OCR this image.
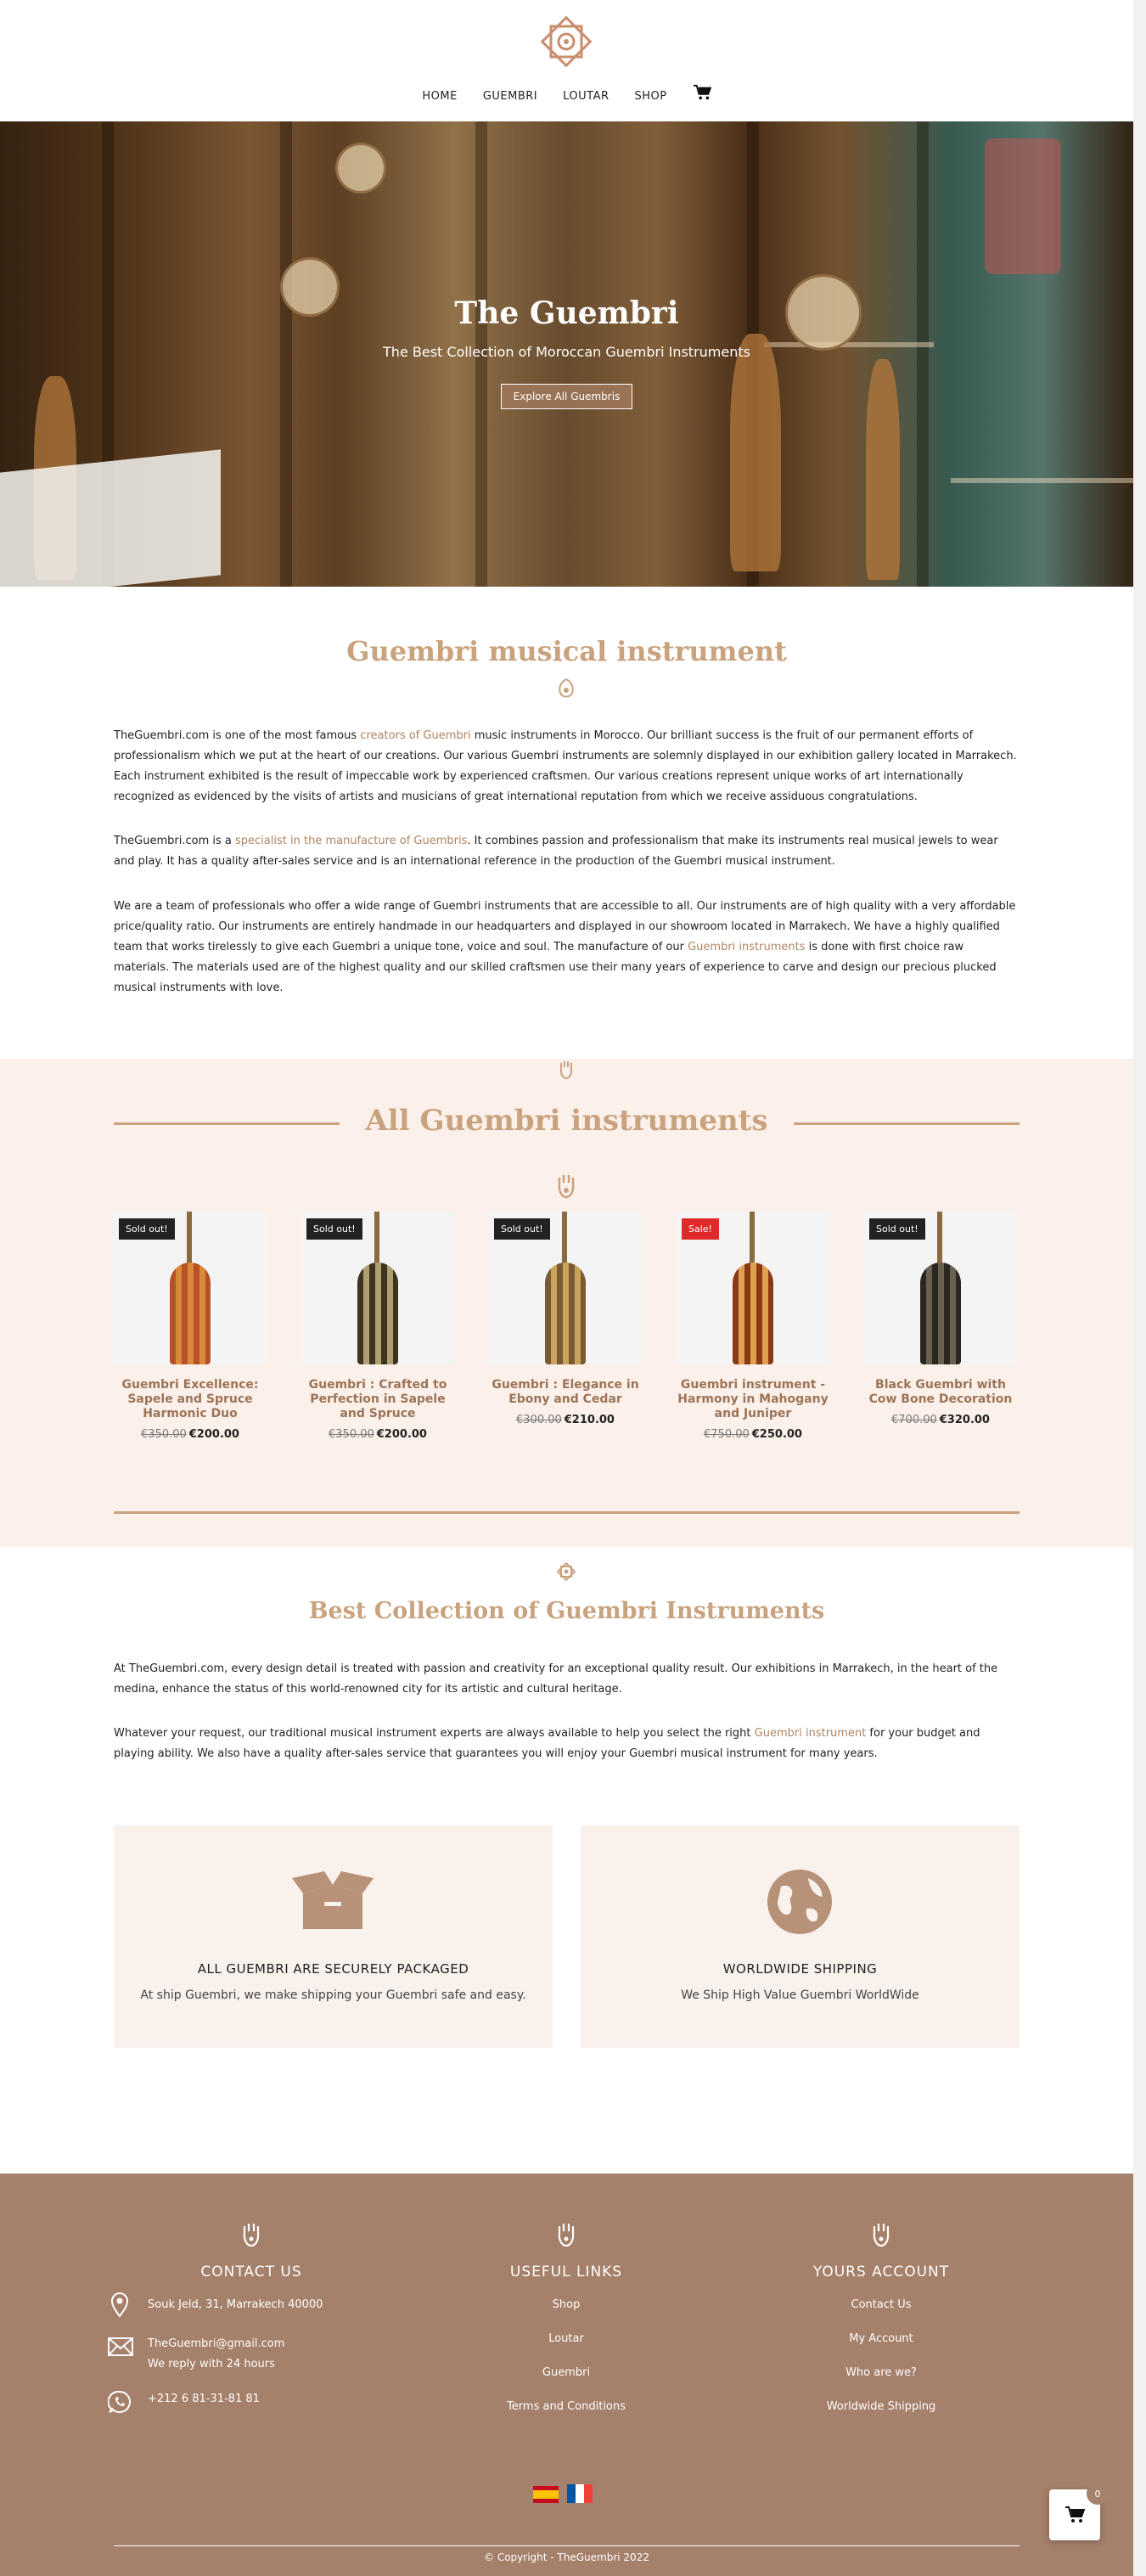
HOME GUEMBRI LOUTAR SHOP
The Guembri

The Best Collection of Moroccan Guembri Instruments

Explore All Guembris
Guembri musical instrument

TheGuembri.com is one of the most famous creators of Guembri music instruments in Morocco. Our brilliant success is the fruit of our permanent efforts of professionalism which we put at the heart of our creations. Our various Guembri instruments are solemnly displayed in our exhibition gallery located in Marrakech. Each instrument exhibited is the result of impeccable work by experienced craftsmen. Our various creations represent unique works of art internationally recognized as evidenced by the visits of artists and musicians of great international reputation from which we receive assiduous congratulations.

TheGuembri.com is a specialist in the manufacture of Guembris. It combines passion and professionalism that make its instruments real musical jewels to wear and play. It has a quality after-sales service and is an international reference in the production of the Guembri musical instrument.

We are a team of professionals who offer a wide range of Guembri instruments that are accessible to all. Our instruments are of high quality with a very affordable price/quality ratio. Our instruments are entirely handmade in our headquarters and displayed in our showroom located in Marrakech. We have a highly qualified team that works tirelessly to give each Guembri a unique tone, voice and soul. The manufacture of our Guembri instruments is done with first choice raw materials. The materials used are of the highest quality and our skilled craftsmen use their many years of experience to carve and design our precious plucked musical instruments with love.

All Guembri instruments
Sold out!
Guembri Excellence: Sapele and Spruce Harmonic Duo
€350.00 €200.00
Sold out!
Guembri : Crafted to Perfection in Sapele and Spruce
€350.00 €200.00
Sold out!
Guembri : Elegance in Ebony and Cedar
€300.00 €210.00
Sale!
Guembri instrument - Harmony in Mahogany and Juniper
€750.00 €250.00
Sold out!
Black Guembri with Cow Bone Decoration
€700.00 €320.00
Best Collection of Guembri Instruments

At TheGuembri.com, every design detail is treated with passion and creativity for an exceptional quality result. Our exhibitions in Marrakech, in the heart of the medina, enhance the status of this world-renowned city for its artistic and cultural heritage.

Whatever your request, our traditional musical instrument experts are always available to help you select the right Guembri instrument for your budget and playing ability. We also have a quality after-sales service that guarantees you will enjoy your Guembri musical instrument for many years.

ALL GUEMBRI ARE SECURELY PACKAGED
At ship Guembri, we make shipping your Guembri safe and easy.
WORLDWIDE SHIPPING
We Ship High Value Guembri WorldWide
CONTACT US	USEFUL LINKS	YOURS ACCOUNT
Souk Jeld, 31, Marrakech 40000
TheGuembri@gmail.com
We reply with 24 hours
+212 6 81-31-81 81
Shop
Loutar
Guembri
Terms and Conditions
Contact Us
My Account
Who are we?
Worldwide Shipping
© Copyright - TheGuembri 2022
0
